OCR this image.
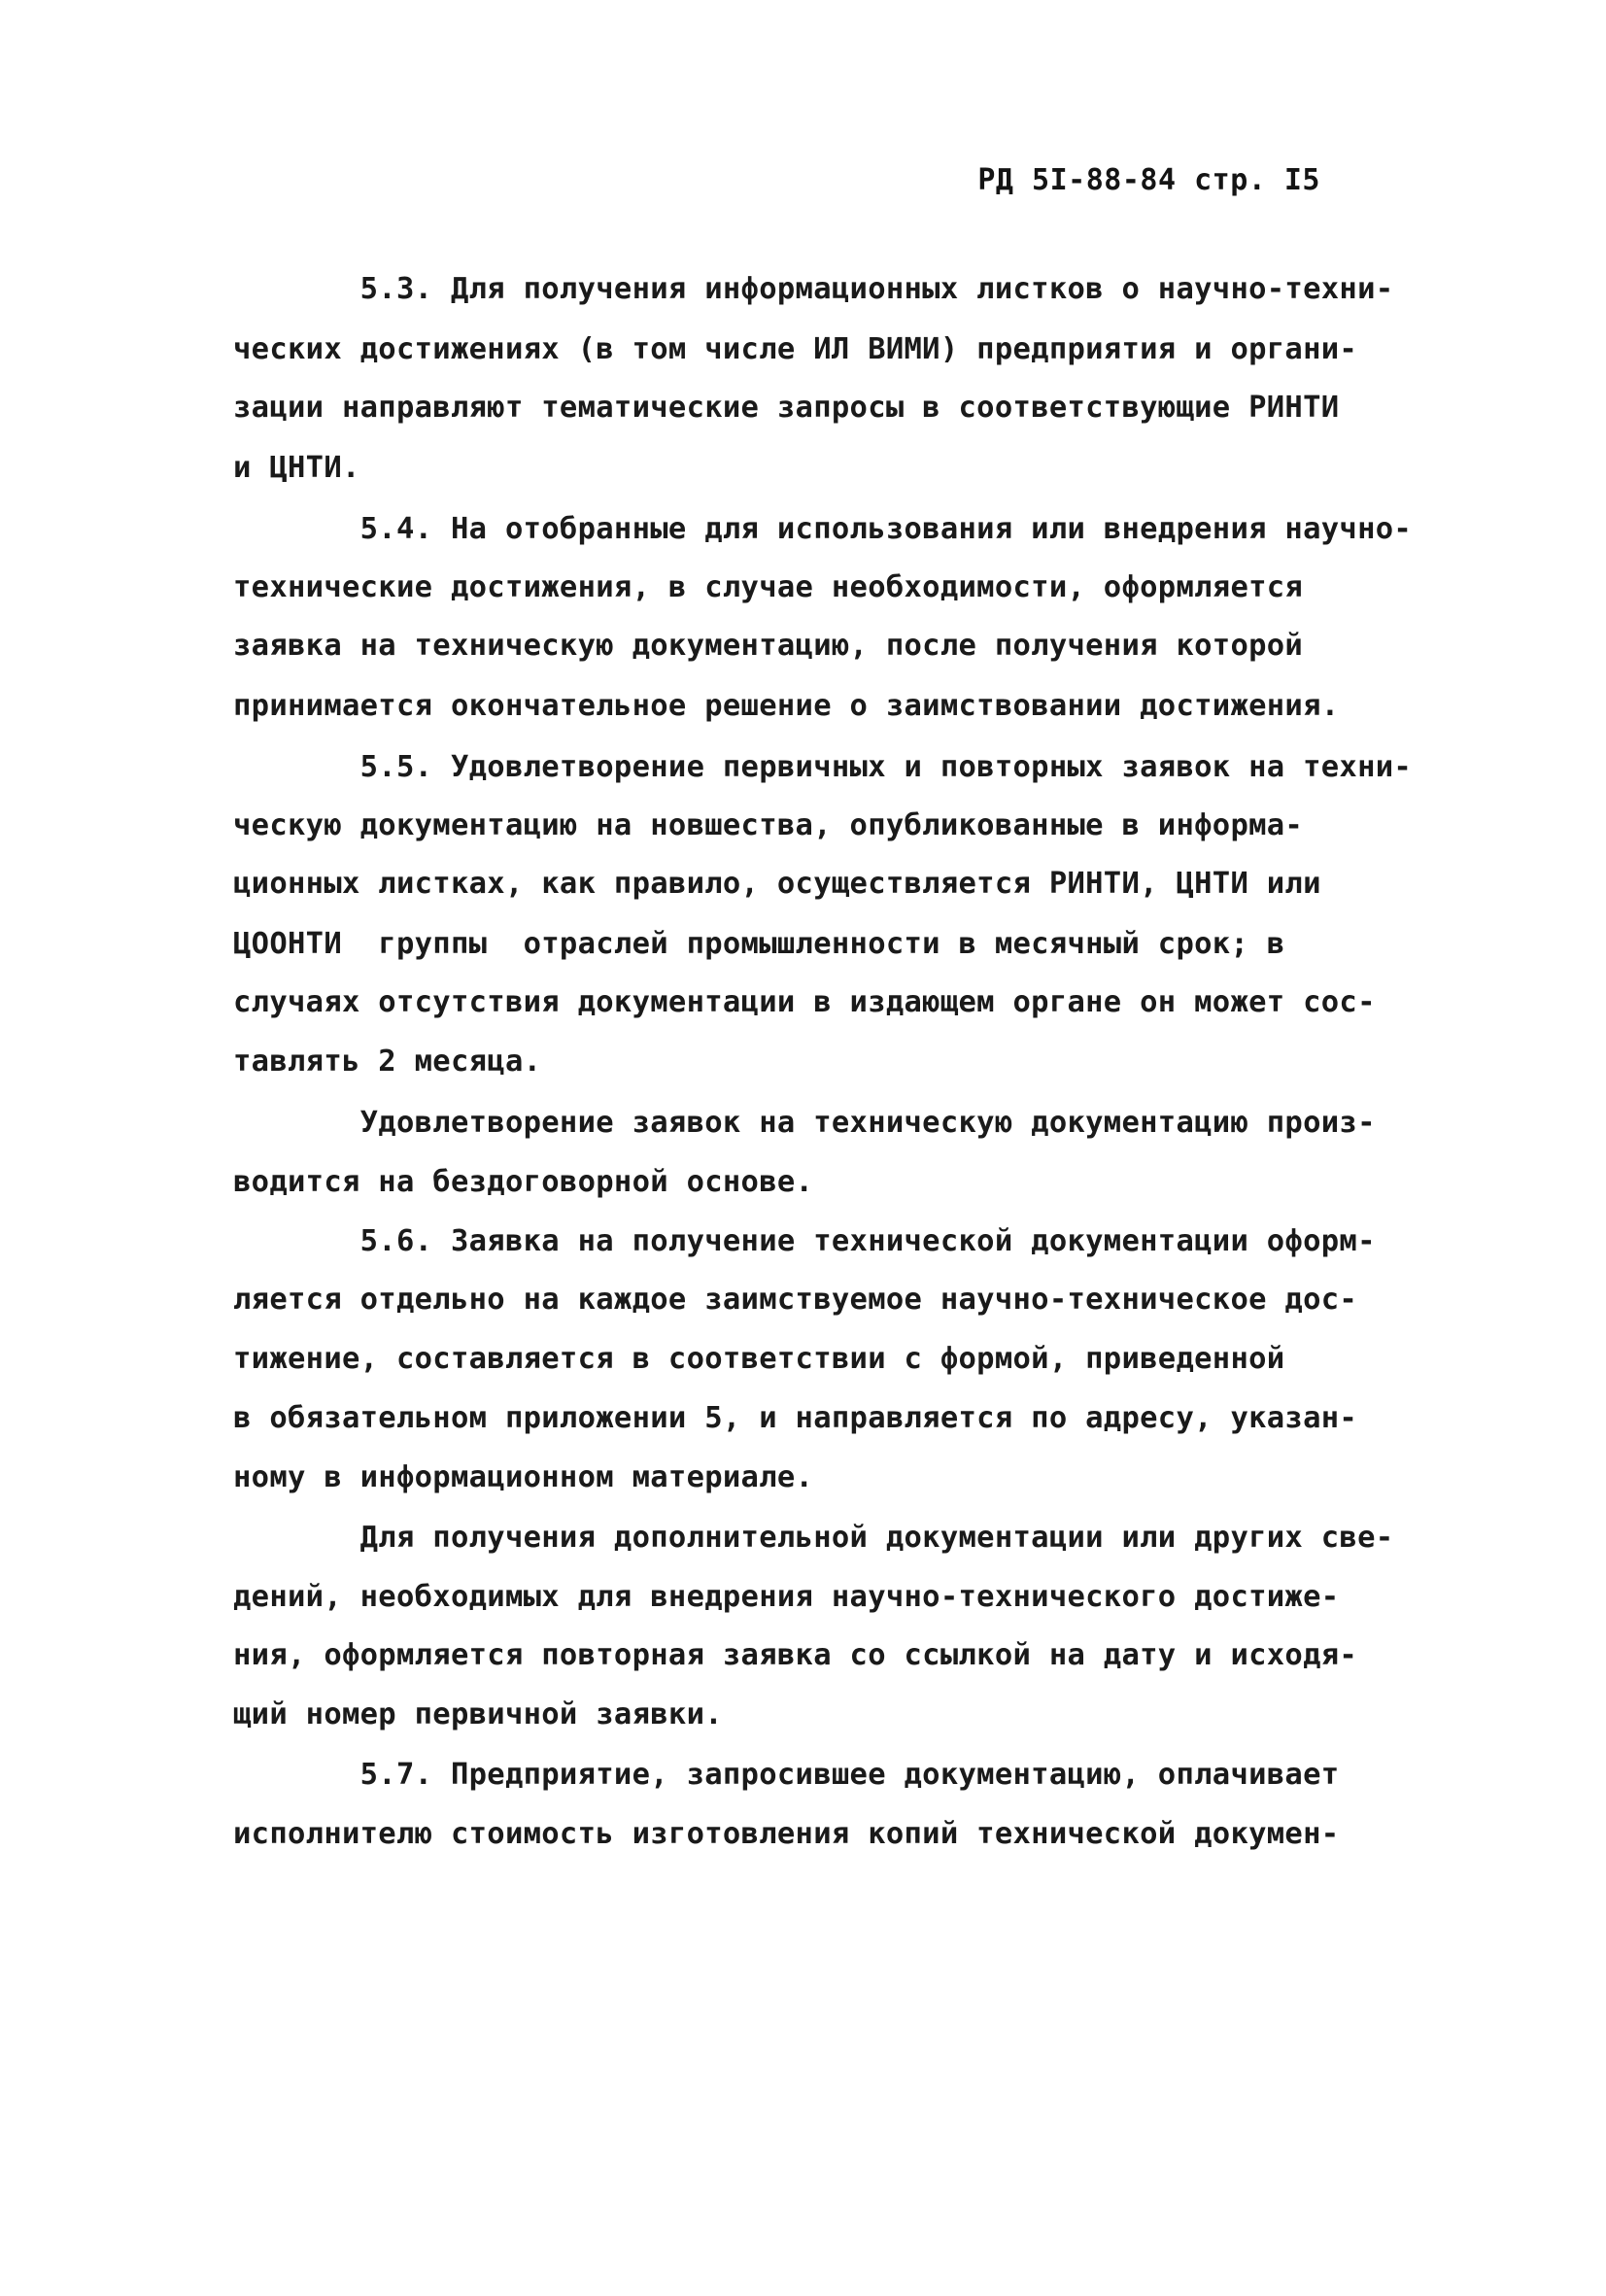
РД 5I-88-84 стр. I5

5.3. Для получения информационных листков о научно-техни-

ческих достижениях (в том числе ИЛ ВИМИ) предприятия и органи-

зации направляют тематические запросы в соответствующие РИНТИ

и ЦНТИ.

5.4. На отобранные для использования или внедрения научно-

технические достижения, в случае необходимости, оформляется

заявка на техническую документацию, после получения которой

принимается окончательное решение о заимствовании достижения.

5.5. Удовлетворение первичных и повторных заявок на техни-

ческую документацию на новшества, опубликованные в информа-

ционных листках, как правило, осуществляется РИНТИ, ЦНТИ или

ЦООНТИ  группы  отраслей промышленности в месячный срок; в

случаях отсутствия документации в издающем органе он может сос-

тавлять 2 месяца.

Удовлетворение заявок на техническую документацию произ-

водится на бездоговорной основе.

5.6. Заявка на получение технической документации оформ-

ляется отдельно на каждое заимствуемое научно-техническое дос-

тижение, составляется в соответствии с формой, приведенной

в обязательном приложении 5, и направляется по адресу, указан-

ному в информационном материале.

Для получения дополнительной документации или других све-

дений, необходимых для внедрения научно-технического достиже-

ния, оформляется повторная заявка со ссылкой на дату и исходя-

щий номер первичной заявки.

5.7. Предприятие, запросившее документацию, оплачивает

исполнителю стоимость изготовления копий технической докумен-
